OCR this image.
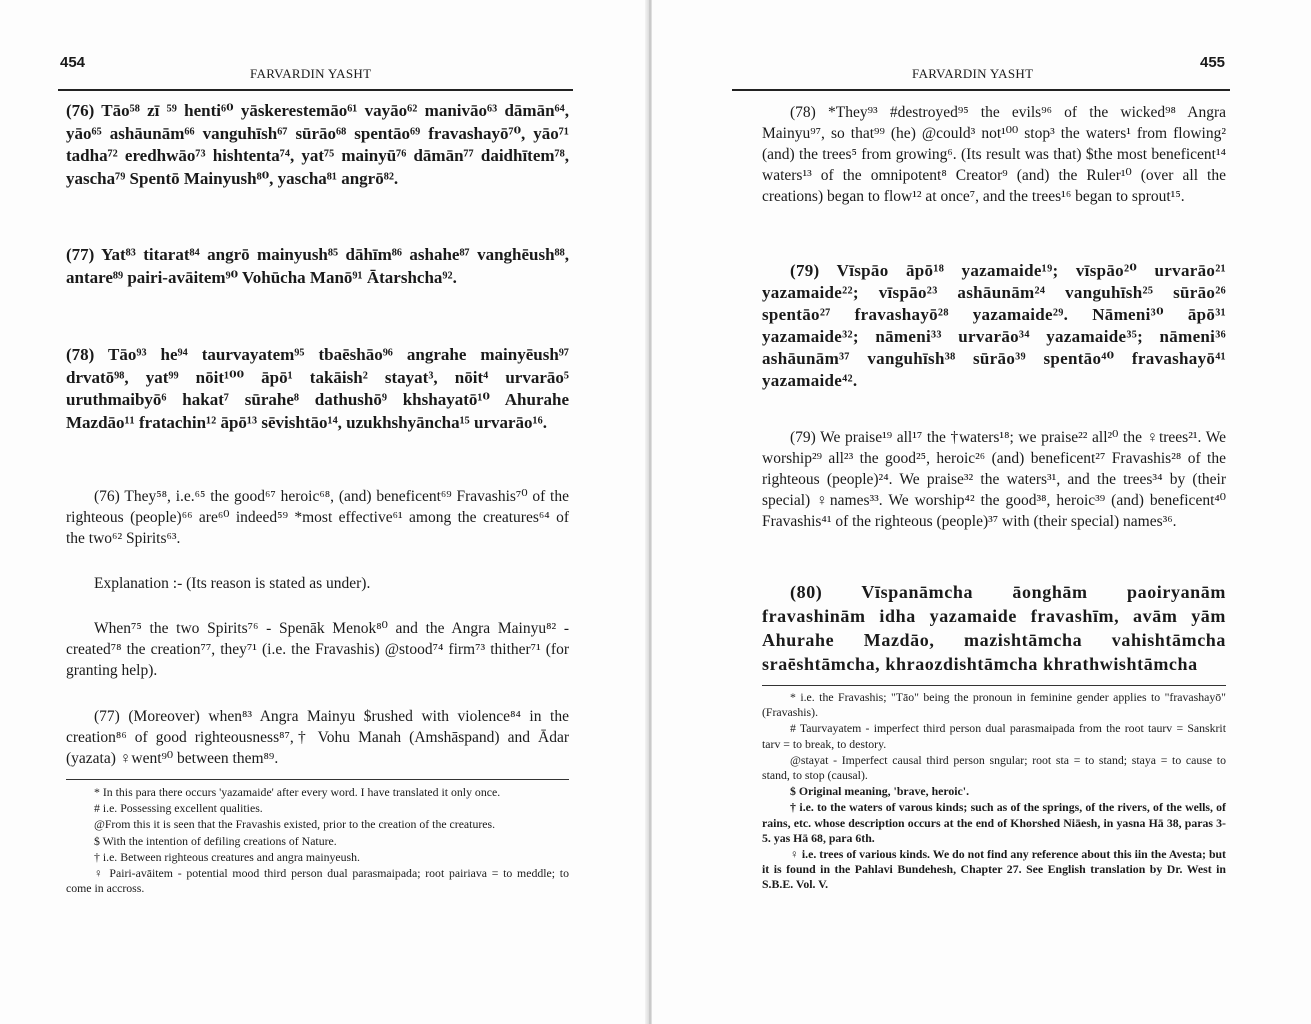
454
FARVARDIN YASHT
(76) Tāo⁵⁸ zī ⁵⁹ henti⁶⁰ yāskerestemāo⁶¹ vayāo⁶² manivāo⁶³ dāmān⁶⁴, yāo⁶⁵ ashāunām⁶⁶ vanguhīsh⁶⁷ sūrāo⁶⁸ spentāo⁶⁹ fravashayō⁷⁰, yāo⁷¹ tadha⁷² eredhwāo⁷³ hishtenta⁷⁴, yat⁷⁵ mainyū⁷⁶ dāmān⁷⁷ daidhītem⁷⁸, yascha⁷⁹ Spentō Mainyush⁸⁰, yascha⁸¹ angrō⁸².
(77) Yat⁸³ titarat⁸⁴ angrō mainyush⁸⁵ dāhīm⁸⁶ ashahe⁸⁷ vanghēush⁸⁸, antare⁸⁹ pairi-avāitem⁹⁰ Vohūcha Manō⁹¹ Ātarshcha⁹².
(78) Tāo⁹³ he⁹⁴ taurvayatem⁹⁵ tbaēshāo⁹⁶ angrahe mainyēush⁹⁷ drvatō⁹⁸, yat⁹⁹ nōit¹⁰⁰ āpō¹ takāish² stayat³, nōit⁴ urvarāo⁵ uruthmaibyō⁶ hakat⁷ sūrahe⁸ dathushō⁹ khshayatō¹⁰ Ahurahe Mazdāo¹¹ fratachin¹² āpō¹³ sēvishtāo¹⁴, uzukhshyāncha¹⁵ urvarāo¹⁶.
(76) They⁵⁸, i.e.⁶⁵ the good⁶⁷ heroic⁶⁸, (and) beneficent⁶⁹ Fravashis⁷⁰ of the righteous (people)⁶⁶ are⁶⁰ indeed⁵⁹ *most effective⁶¹ among the creatures⁶⁴ of the two⁶² Spirits⁶³.
Explanation :- (Its reason is stated as under).
When⁷⁵ the two Spirits⁷⁶ - Spenāk Menok⁸⁰ and the Angra Mainyu⁸² - created⁷⁸ the creation⁷⁷, they⁷¹ (i.e. the Fravashis) @stood⁷⁴ firm⁷³ thither⁷¹ (for granting help).
(77) (Moreover) when⁸³ Angra Mainyu $rushed with violence⁸⁴ in the creation⁸⁶ of good righteousness⁸⁷,† Vohu Manah (Amshāspand) and Ādar (yazata) ♀went⁹⁰ between them⁸⁹.

* In this para there occurs 'yazamaide' after every word. I have translated it only once.

# i.e. Possessing excellent qualities.

@From this it is seen that the Fravashis existed, prior to the creation of the creatures.

$ With the intention of defiling creations of Nature.

† i.e. Between righteous creatures and angra mainyeush.

♀ Pairi-avāitem - potential mood third person dual parasmaipada; root pairiava = to meddle; to come in accross.

FARVARDIN YASHT
455
(78) *They⁹³ #destroyed⁹⁵ the evils⁹⁶ of the wicked⁹⁸ Angra Mainyu⁹⁷, so that⁹⁹ (he) @could³ not¹⁰⁰ stop³ the waters¹ from flowing² (and) the trees⁵ from growing⁶. (Its result was that) $the most beneficent¹⁴ waters¹³ of the omnipotent⁸ Creator⁹ (and) the Ruler¹⁰ (over all the creations) began to flow¹² at once⁷, and the trees¹⁶ began to sprout¹⁵.
(79) Vīspāo āpō¹⁸ yazamaide¹⁹; vīspāo²⁰ urvarāo²¹ yazamaide²²; vīspāo²³ ashāunām²⁴ vanguhīsh²⁵ sūrāo²⁶ spentāo²⁷ fravashayō²⁸ yazamaide²⁹. Nāmeni³⁰ āpō³¹ yazamaide³²; nāmeni³³ urvarāo³⁴ yazamaide³⁵; nāmeni³⁶ ashāunām³⁷ vanguhīsh³⁸ sūrāo³⁹ spentāo⁴⁰ fravashayō⁴¹ yazamaide⁴².
(79) We praise¹⁹ all¹⁷ the †waters¹⁸; we praise²² all²⁰ the ♀trees²¹. We worship²⁹ all²³ the good²⁵, heroic²⁶ (and) beneficent²⁷ Fravashis²⁸ of the righteous (people)²⁴. We praise³² the waters³¹, and the trees³⁴ by (their special) ♀names³³. We worship⁴² the good³⁸, heroic³⁹ (and) beneficent⁴⁰ Fravashis⁴¹ of the righteous (people)³⁷ with (their special) names³⁶.
(80) Vīspanāmcha āonghām paoiryanām fravashinām idha yazamaide fravashīm, avām yām Ahurahe Mazdāo, mazishtāmcha vahishtāmcha sraēshtāmcha, khraozdishtāmcha khrathwishtāmcha

* i.e. the Fravashis; "Tāo" being the pronoun in feminine gender applies to "fravashayō" (Fravashis).

# Taurvayatem - imperfect third person dual parasmaipada from the root taurv = Sanskrit tarv = to break, to destory.

@stayat - Imperfect causal third person sngular; root sta = to stand; staya = to cause to stand, to stop (causal).

$ Original meaning, 'brave, heroic'.

† i.e. to the waters of varous kinds; such as of the springs, of the rivers, of the wells, of rains, etc. whose description occurs at the end of Khorshed Niāesh, in yasna Hā 38, paras 3-5. yas Hā 68, para 6th.

♀ i.e. trees of various kinds. We do not find any reference about this iin the Avesta; but it is found in the Pahlavi Bundehesh, Chapter 27. See English translation by Dr. West in S.B.E. Vol. V.
